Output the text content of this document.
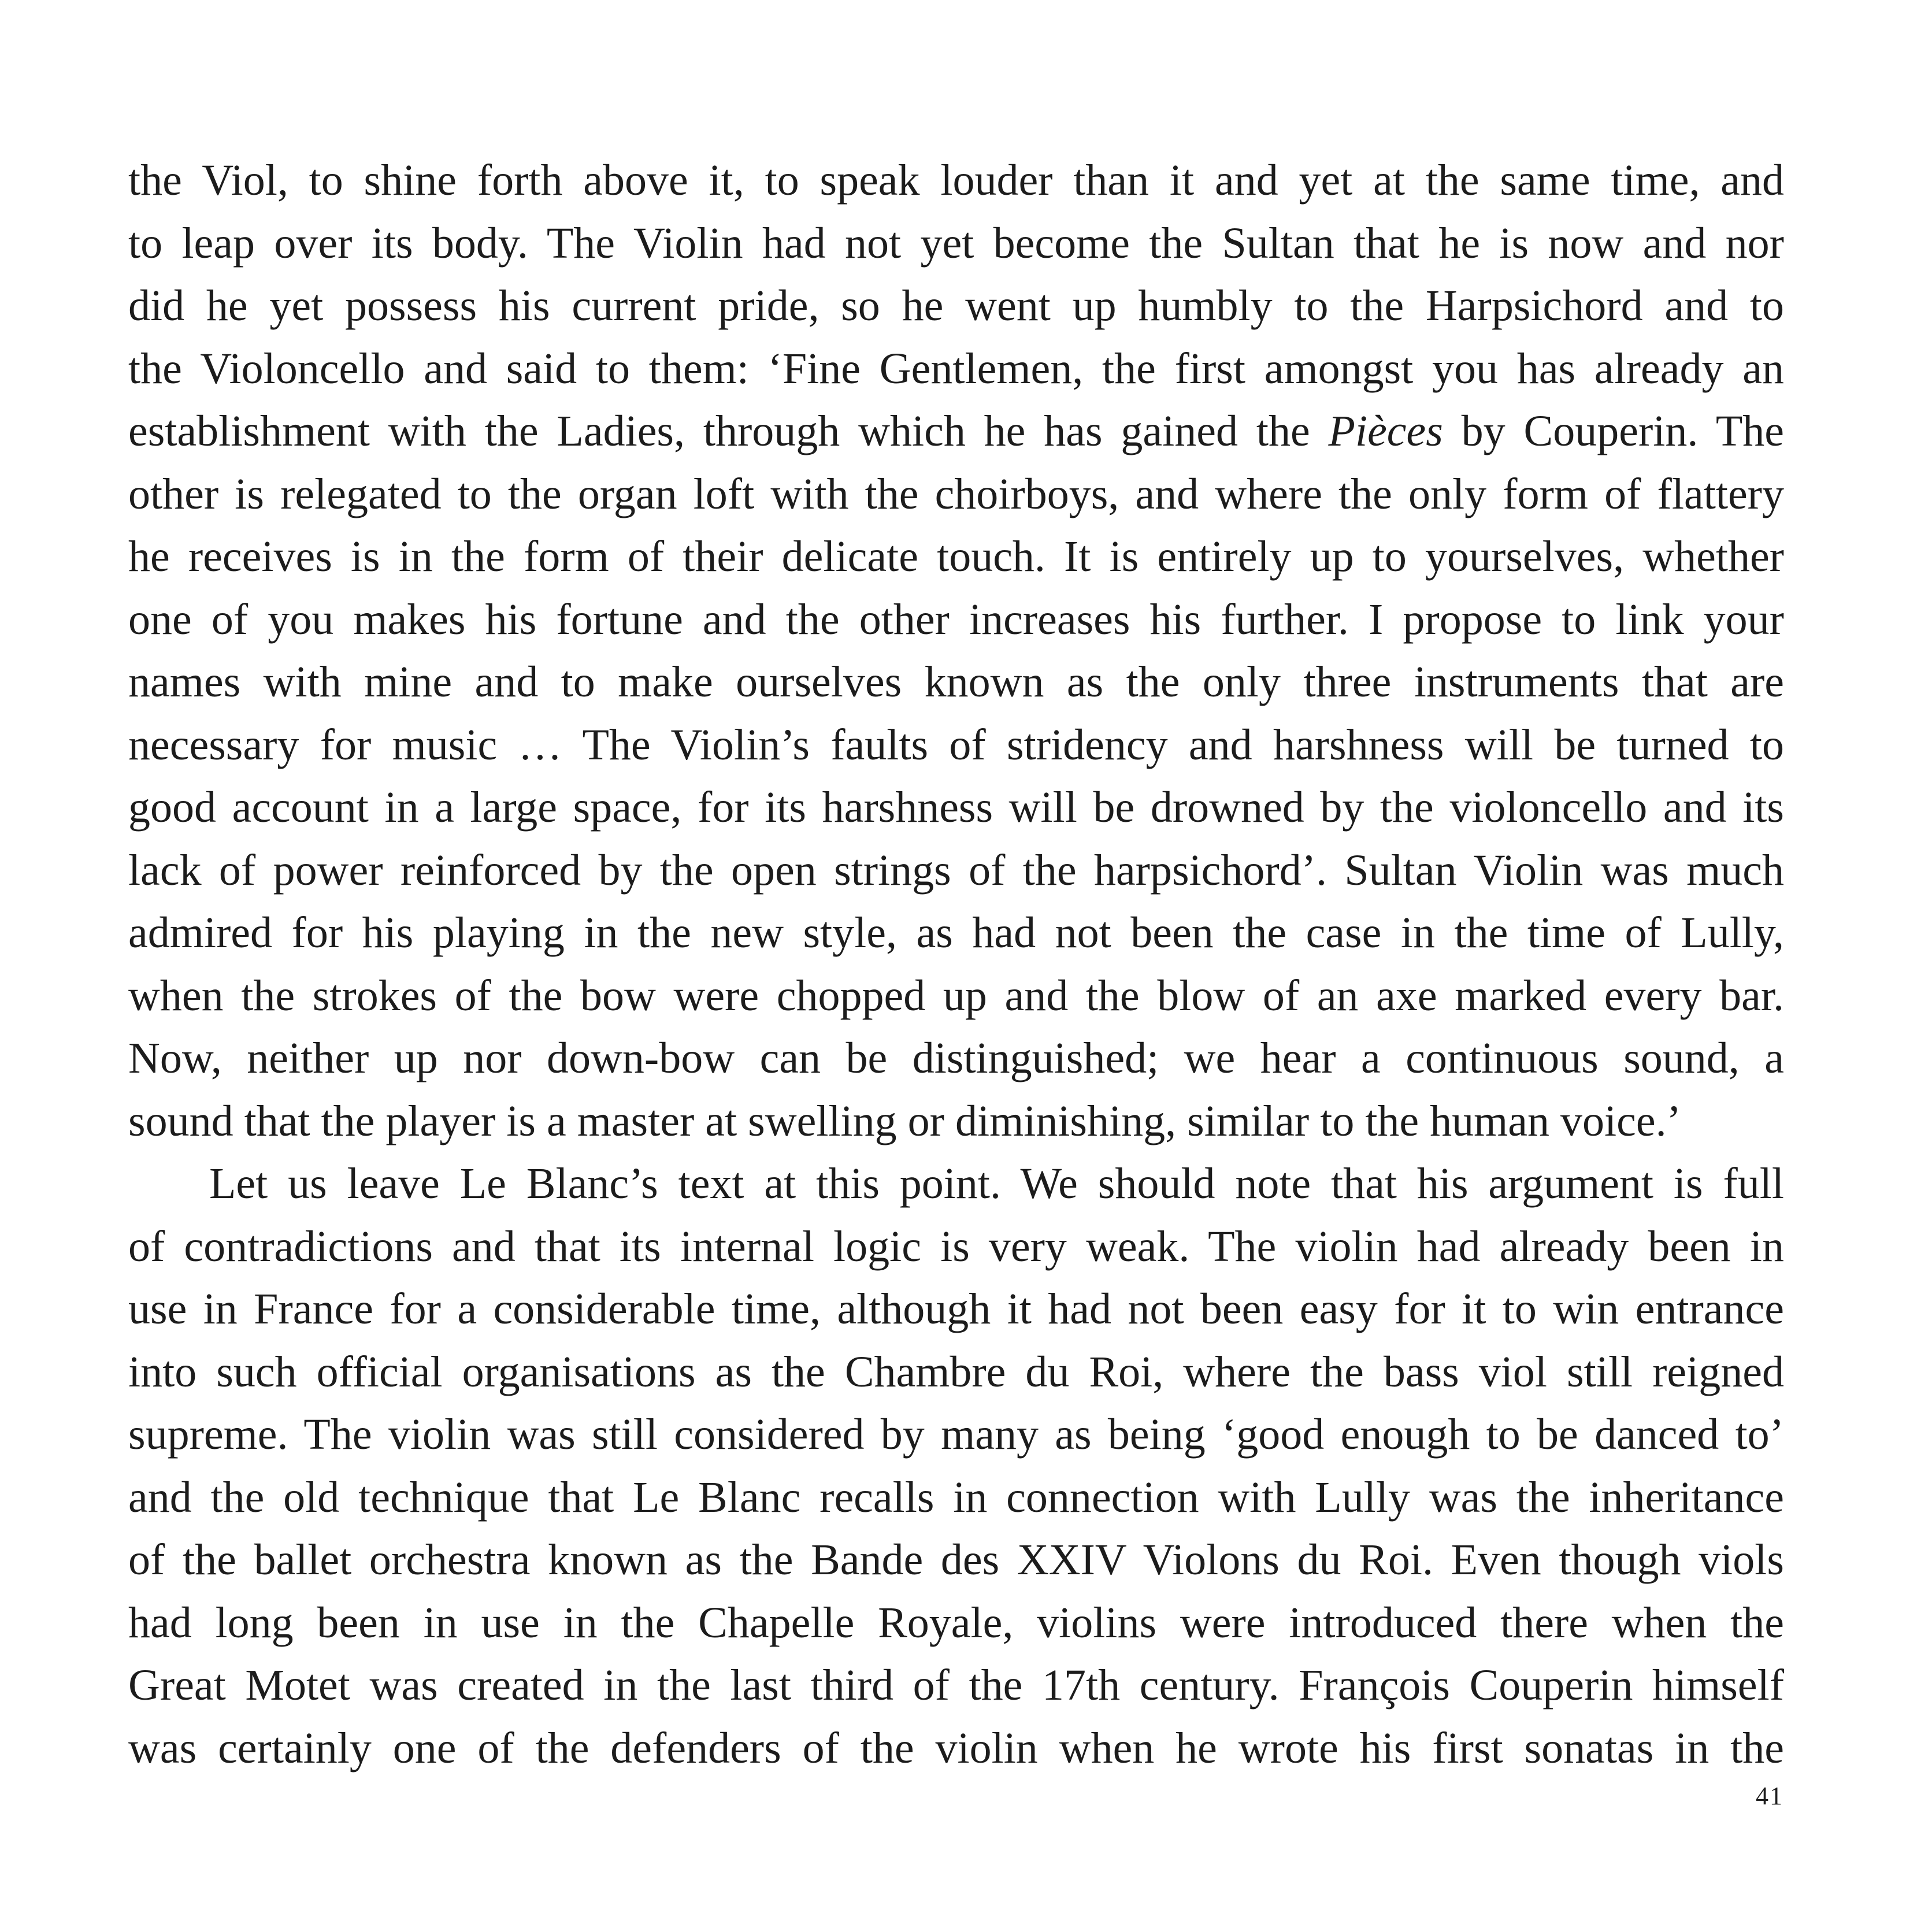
the Viol, to shine forth above it, to speak louder than it and yet at the same time, and
to leap over its body. The Violin had not yet become the Sultan that he is now and nor
did he yet possess his current pride, so he went up humbly to the Harpsichord and to
the Violoncello and said to them: ‘Fine Gentlemen, the first amongst you has already an
establishment with the Ladies, through which he has gained the Pièces by Couperin. The
other is relegated to the organ loft with the choirboys, and where the only form of flattery
he receives is in the form of their delicate touch. It is entirely up to yourselves, whether
one of you makes his fortune and the other increases his further. I propose to link your
names with mine and to make ourselves known as the only three instruments that are
necessary for music … The Violin’s faults of stridency and harshness will be turned to
good account in a large space, for its harshness will be drowned by the violoncello and its
lack of power reinforced by the open strings of the harpsichord’. Sultan Violin was much
admired for his playing in the new style, as had not been the case in the time of Lully,
when the strokes of the bow were chopped up and the blow of an axe marked every bar.
Now, neither up nor down-bow can be distinguished; we hear a continuous sound, a
sound that the player is a master at swelling or diminishing, similar to the human voice.’
Let us leave Le Blanc’s text at this point. We should note that his argument is full
of contradictions and that its internal logic is very weak. The violin had already been in
use in France for a considerable time, although it had not been easy for it to win entrance
into such official organisations as the Chambre du Roi, where the bass viol still reigned
supreme. The violin was still considered by many as being ‘good enough to be danced to’
and the old technique that Le Blanc recalls in connection with Lully was the inheritance
of the ballet orchestra known as the Bande des XXIV Violons du Roi. Even though viols
had long been in use in the Chapelle Royale, violins were introduced there when the
Great Motet was created in the last third of the 17th century. François Couperin himself
was certainly one of the defenders of the violin when he wrote his first sonatas in the
41
